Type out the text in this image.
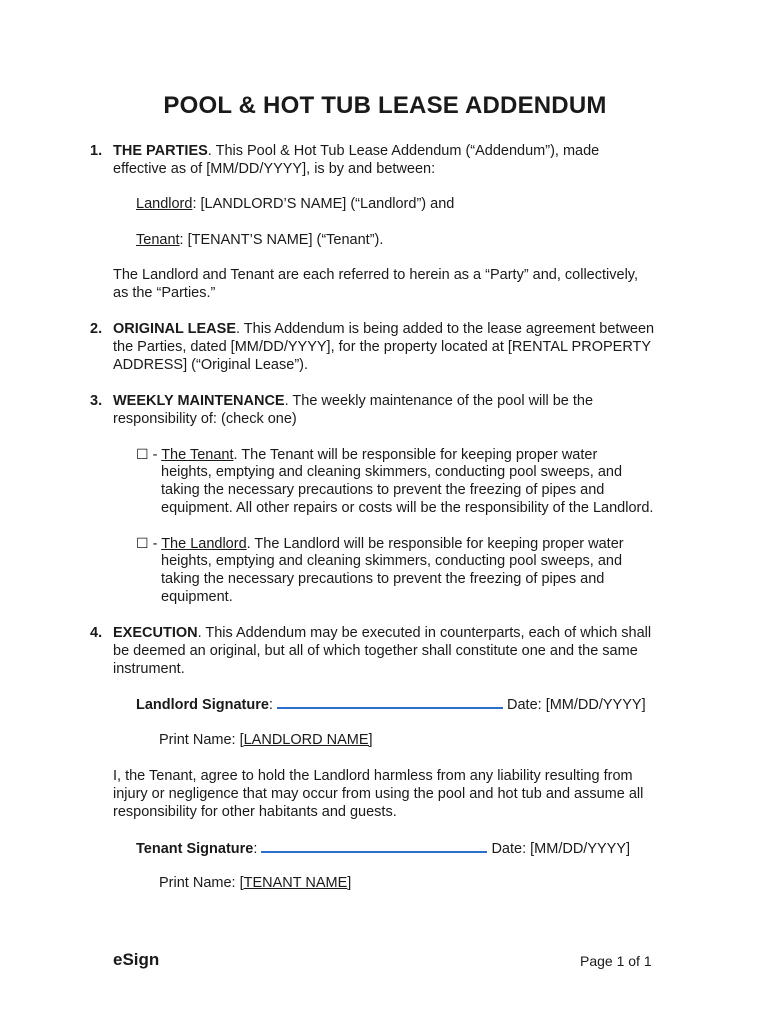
POOL & HOT TUB LEASE ADDENDUM
1. THE PARTIES. This Pool & Hot Tub Lease Addendum (“Addendum”), made
effective as of [MM/DD/YYYY], is by and between:
Landlord: [LANDLORD’S NAME] (“Landlord”) and
Tenant: [TENANT’S NAME] (“Tenant”).
The Landlord and Tenant are each referred to herein as a “Party” and, collectively,
as the “Parties.”
2. ORIGINAL LEASE. This Addendum is being added to the lease agreement between
the Parties, dated [MM/DD/YYYY], for the property located at [RENTAL PROPERTY
ADDRESS] (“Original Lease”).
3. WEEKLY MAINTENANCE. The weekly maintenance of the pool will be the
responsibility of: (check one)
☐ - The Tenant. The Tenant will be responsible for keeping proper water
heights, emptying and cleaning skimmers, conducting pool sweeps, and
taking the necessary precautions to prevent the freezing of pipes and
equipment. All other repairs or costs will be the responsibility of the Landlord.
☐ - The Landlord. The Landlord will be responsible for keeping proper water
heights, emptying and cleaning skimmers, conducting pool sweeps, and
taking the necessary precautions to prevent the freezing of pipes and
equipment.
4. EXECUTION. This Addendum may be executed in counterparts, each of which shall
be deemed an original, but all of which together shall constitute one and the same
instrument.
Landlord Signature:	Date: [MM/DD/YYYY]
Print Name: [LANDLORD NAME]
I, the Tenant, agree to hold the Landlord harmless from any liability resulting from
injury or negligence that may occur from using the pool and hot tub and assume all
responsibility for other habitants and guests.
Tenant Signature:	Date: [MM/DD/YYYY]
Print Name: [TENANT NAME]
eSign	Page 1 of 1
